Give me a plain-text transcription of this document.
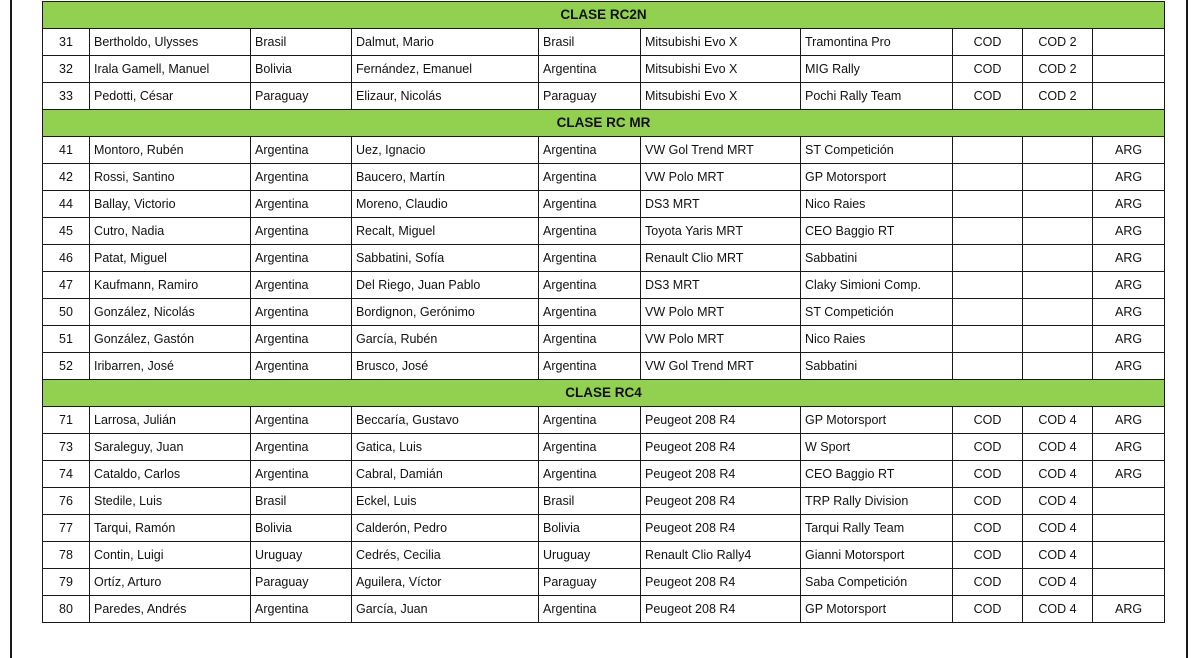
CLASE RC2N									
31	Bertholdo, Ulysses	Brasil	Dalmut, Mario	Brasil	Mitsubishi Evo X	Tramontina Pro	COD	COD 2	
32	Irala Gamell, Manuel	Bolivia	Fernández, Emanuel	Argentina	Mitsubishi Evo X	MIG Rally	COD	COD 2	
33	Pedotti, César	Paraguay	Elizaur, Nicolás	Paraguay	Mitsubishi Evo X	Pochi Rally Team	COD	COD 2	
CLASE RC MR									
41	Montoro, Rubén	Argentina	Uez, Ignacio	Argentina	VW Gol Trend MRT	ST Competición			ARG
42	Rossi, Santino	Argentina	Baucero, Martín	Argentina	VW Polo MRT	GP Motorsport			ARG
44	Ballay, Victorio	Argentina	Moreno, Claudio	Argentina	DS3 MRT	Nico Raies			ARG
45	Cutro, Nadia	Argentina	Recalt, Miguel	Argentina	Toyota Yaris MRT	CEO Baggio RT			ARG
46	Patat, Miguel	Argentina	Sabbatini, Sofía	Argentina	Renault Clio MRT	Sabbatini			ARG
47	Kaufmann, Ramiro	Argentina	Del Riego, Juan Pablo	Argentina	DS3 MRT	Claky Simioni Comp.			ARG
50	González, Nicolás	Argentina	Bordignon, Gerónimo	Argentina	VW Polo MRT	ST Competición			ARG
51	González, Gastón	Argentina	García, Rubén	Argentina	VW Polo MRT	Nico Raies			ARG
52	Iribarren, José	Argentina	Brusco, José	Argentina	VW Gol Trend MRT	Sabbatini			ARG
CLASE RC4									
71	Larrosa, Julián	Argentina	Beccaría, Gustavo	Argentina	Peugeot 208 R4	GP Motorsport	COD	COD 4	ARG
73	Saraleguy, Juan	Argentina	Gatica, Luis	Argentina	Peugeot 208 R4	W Sport	COD	COD 4	ARG
74	Cataldo, Carlos	Argentina	Cabral, Damián	Argentina	Peugeot 208 R4	CEO Baggio RT	COD	COD 4	ARG
76	Stedile, Luis	Brasil	Eckel, Luis	Brasil	Peugeot 208 R4	TRP Rally Division	COD	COD 4	
77	Tarqui, Ramón	Bolivia	Calderón, Pedro	Bolivia	Peugeot 208 R4	Tarqui Rally Team	COD	COD 4	
78	Contin, Luigi	Uruguay	Cedrés, Cecilia	Uruguay	Renault Clio Rally4	Gianni Motorsport	COD	COD 4	
79	Ortíz, Arturo	Paraguay	Aguilera, Víctor	Paraguay	Peugeot 208 R4	Saba Competición	COD	COD 4	
80	Paredes, Andrés	Argentina	García, Juan	Argentina	Peugeot 208 R4	GP Motorsport	COD	COD 4	ARG
